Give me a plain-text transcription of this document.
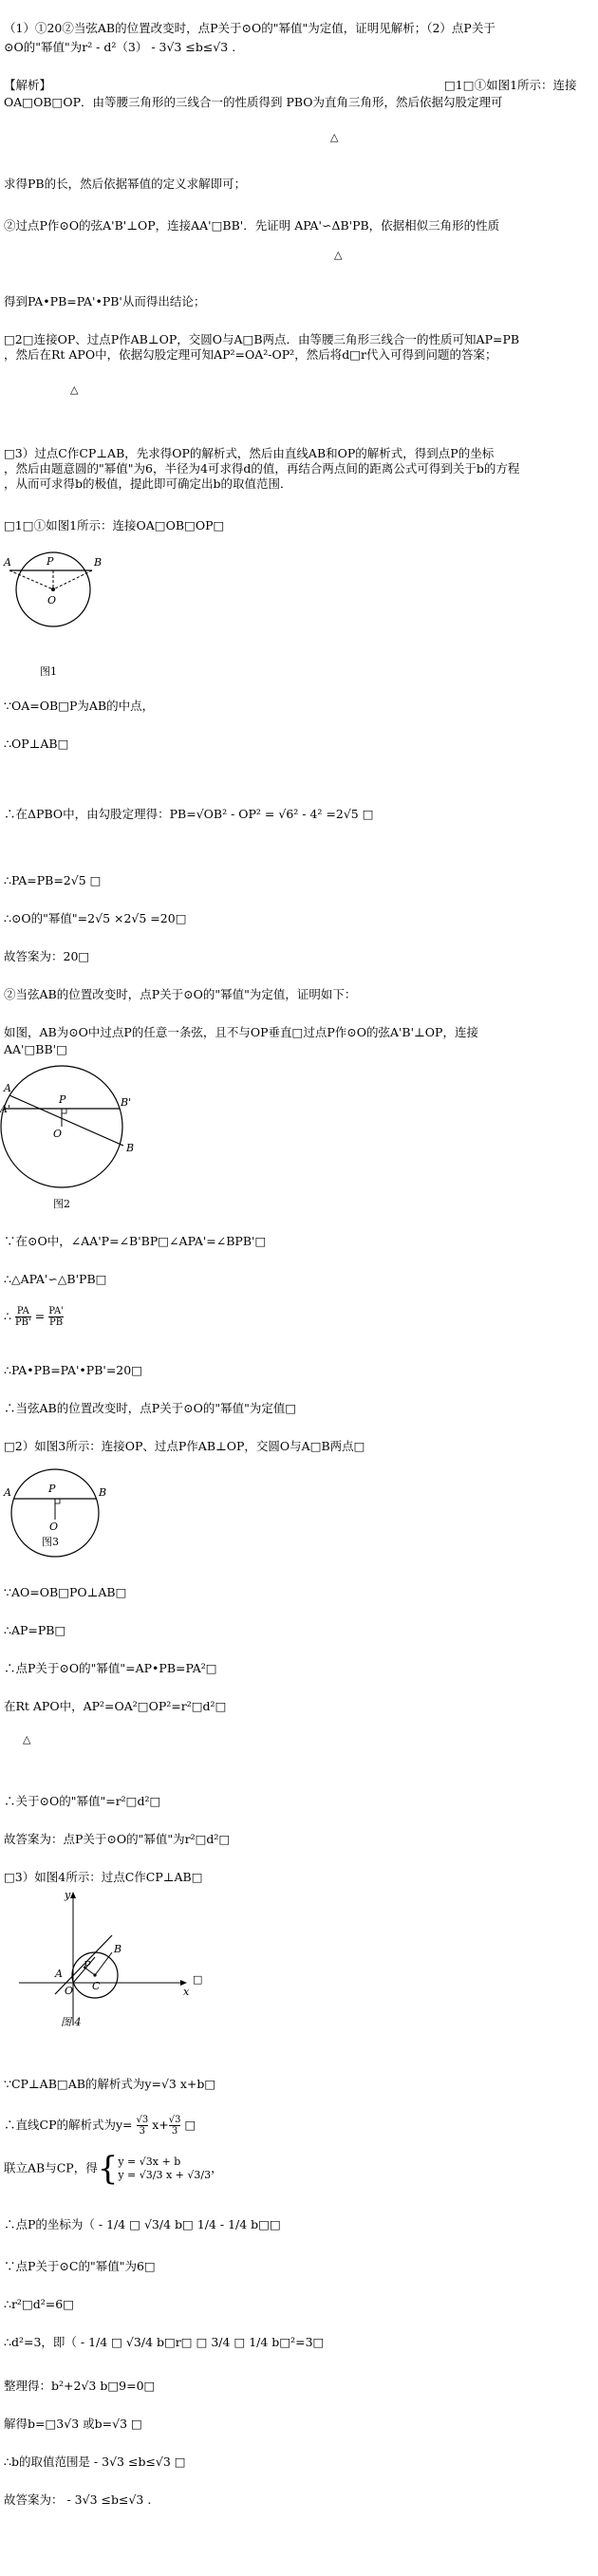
（1）①20②当弦AB的位置改变时，点P关于⊙O的"幂值"为定值，证明见解析；（2）点P关于
⊙O的"幂值"为r² - d²（3） - 3√3 ≤b≤√3 .
【解析】	□1□①如图1所示：连接
OA□OB□OP．由等腰三角形的三线合一的性质得到 PBO为直角三角形，然后依据勾股定理可
△
求得PB的长，然后依据幂值的定义求解即可；
②过点P作⊙O的弦A'B'⊥OP，连接AA'□BB'．先证明 APA'∽ΔB'PB，依据相似三角形的性质
△
得到PA•PB=PA'•PB'从而得出结论；
□2□连接OP、过点P作AB⊥OP，交圆O与A□B两点．由等腰三角形三线合一的性质可知AP=PB
，然后在Rt APO中，依据勾股定理可知AP²=OA²-OP²，然后将d□r代入可得到问题的答案；
△
□3）过点C作CP⊥AB，先求得OP的解析式，然后由直线AB和OP的解析式，得到点P的坐标
，然后由题意圆的"幂值"为6，半径为4可求得d的值，再结合两点间的距离公式可得到关于b的方程
，从而可求得b的极值，提此即可确定出b的取值范围．
□1□①如图1所示：连接OA□OB□OP□
A	P	B
O
图1
∵OA=OB□P为AB的中点，
∴OP⊥AB□
∴在ΔPBO中，由勾股定理得：PB=√OB² - OP² = √6² - 4² =2√5 □
∴PA=PB=2√5 □
∴⊙O的"幂值"=2√5 ×2√5 =20□
故答案为：20□
②当弦AB的位置改变时，点P关于⊙O的"幂值"为定值，证明如下：
如图，AB为⊙O中过点P的任意一条弦，且不与OP垂直□过点P作⊙O的弦A'B'⊥OP，连接
AA'□BB'□
A
A'
P	B'
B
O
图2
∵在⊙O中，∠AA'P=∠B'BP□∠APA'=∠BPB'□
∴△APA'∽△B'PB□
∴ $\frac{PA}{PB'} = \frac{PA'}{PB}$
∴PA•PB=PA'•PB'=20□
∴当弦AB的位置改变时，点P关于⊙O的"幂值"为定值□
□2）如图3所示：连接OP、过点P作AB⊥OP，交圆O与A□B两点□
A	P	B
O
图3
∵AO=OB□PO⊥AB□
∴AP=PB□
∴点P关于⊙O的"幂值"=AP•PB=PA²□
在Rt APO中，AP²=OA²□OP²=r²□d²□
△
∴关于⊙O的"幂值"=r²□d²□
故答案为：点P关于⊙O的"幂值"为r²□d²□
□3）如图4所示：过点C作CP⊥AB□
y
B
A
O C
P
x
□
图 4
∵CP⊥AB□AB的解析式为y=√3 x+b□
∴直线CP的解析式为$y= \frac{√3}{3} x+ \frac{√3}{3}$ □
联立AB与CP，得{ y = √3x + b
y = √3/3 x + √3/3 ，
∴点P的坐标为（ - 1/4 □ √3/4 b□ 1/4 - 1/4 b□□
∵点P关于⊙C的"幂值"为6□
∴r²□d²=6□
∴d²=3，即（ - 1/4 □ √3/4 b□r□ □ 3/4 □ 1/4 b□²=3□
整理得：b²+2√3 b□9=0□
解得b=□3√3 或b=√3 □
∴b的取值范围是 - 3√3 ≤b≤√3 □
故答案为： - 3√3 ≤b≤√3 .
